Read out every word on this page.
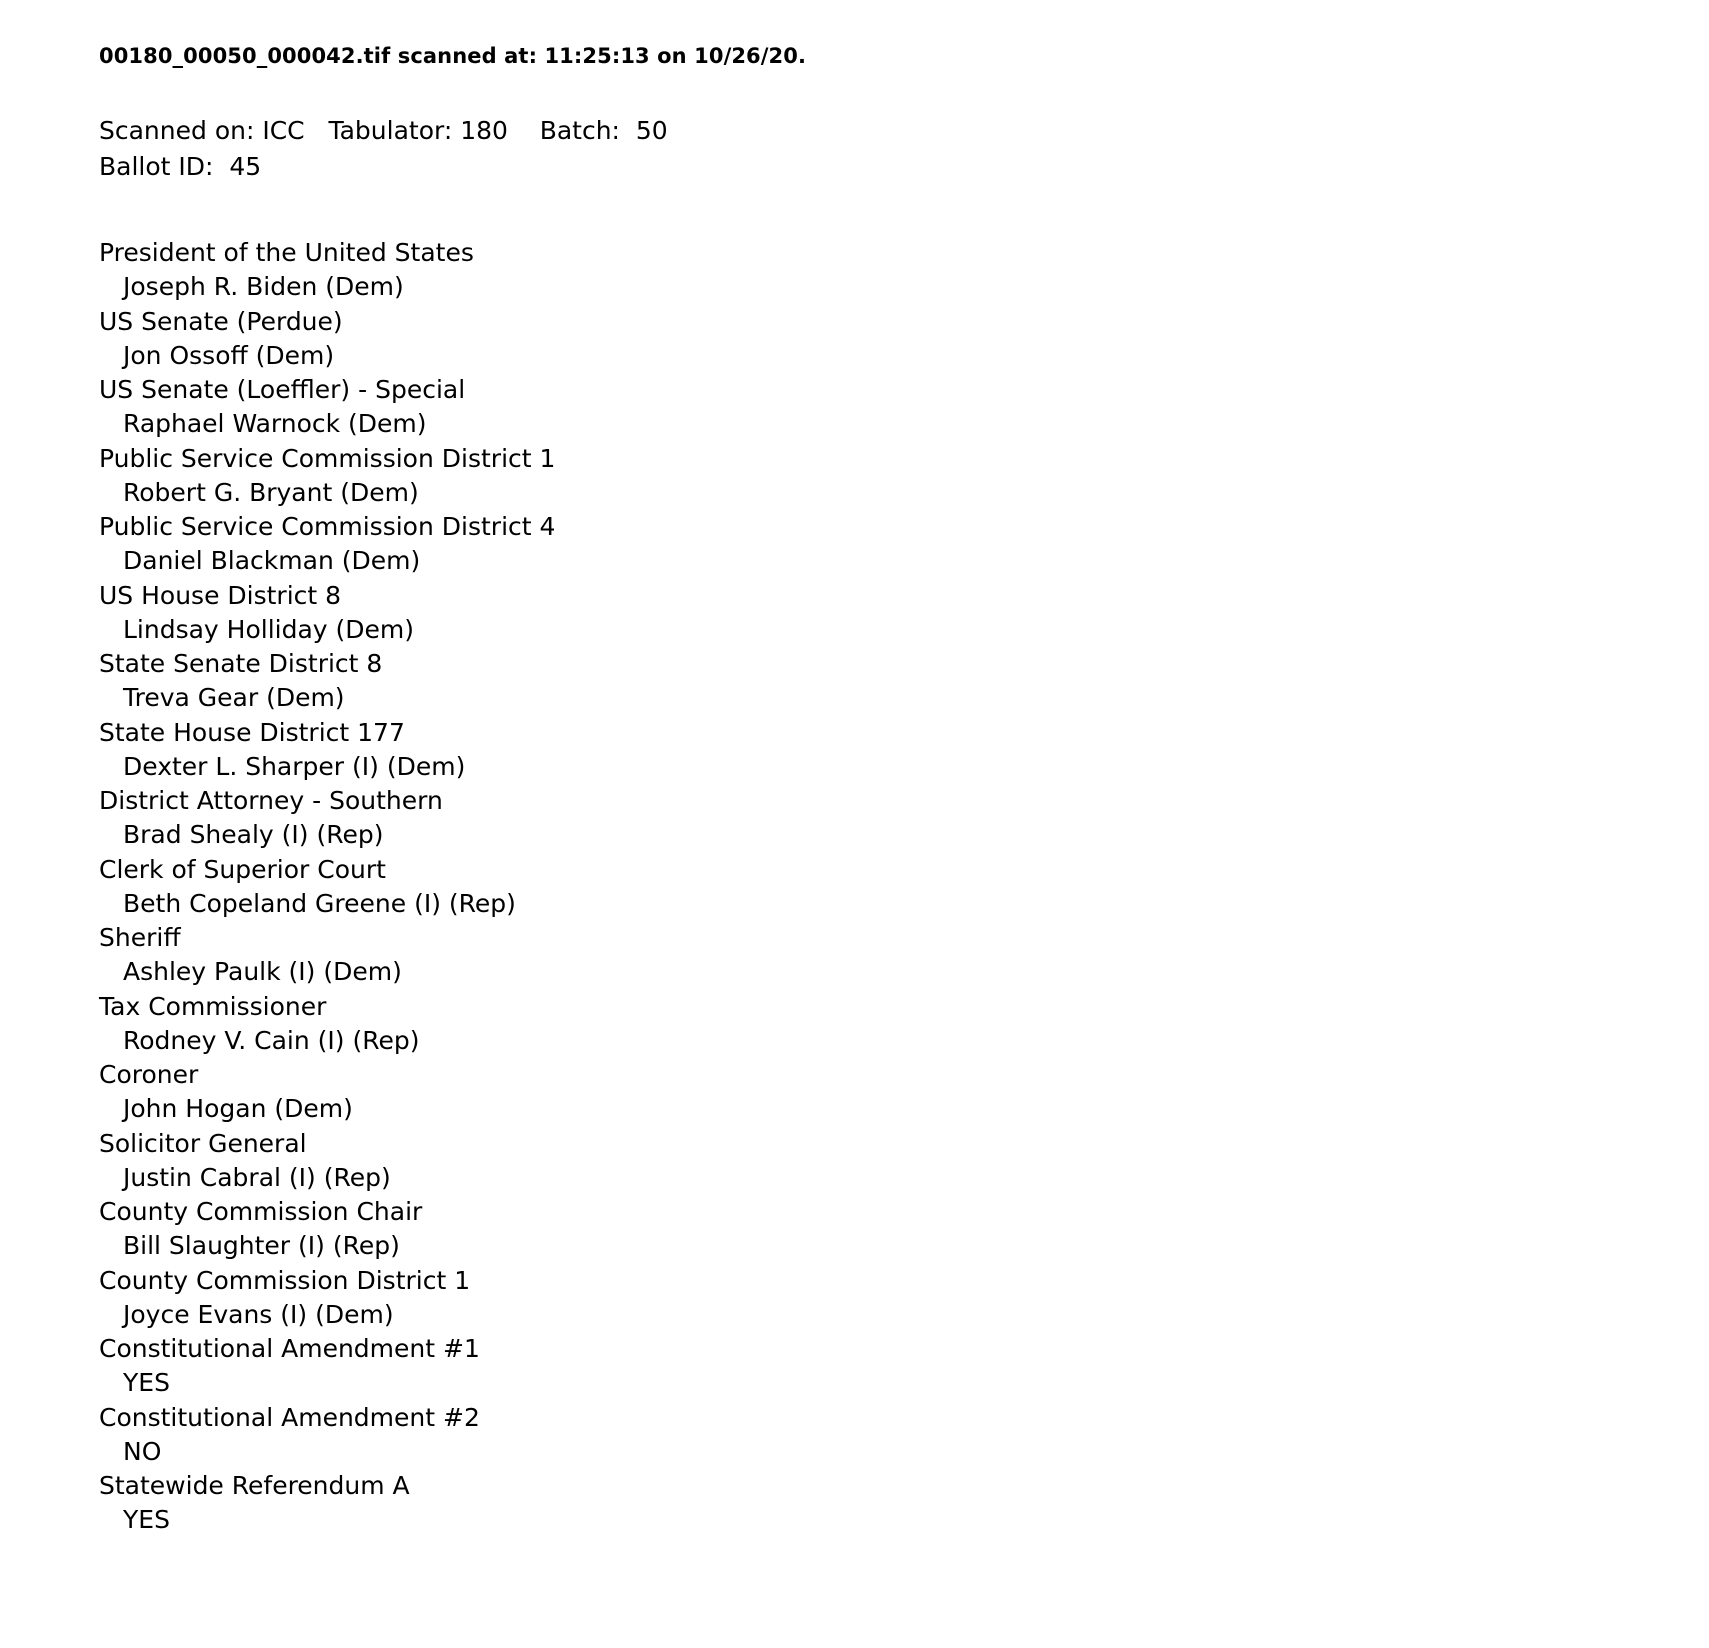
00180_00050_000042.tif scanned at: 11:25:13 on 10/26/20.

Scanned on: ICC   Tabulator: 180    Batch:  50

Ballot ID:  45

President of the United States

Joseph R. Biden (Dem)

US Senate (Perdue)

Jon Ossoff (Dem)

US Senate (Loeffler) - Special

Raphael Warnock (Dem)

Public Service Commission District 1

Robert G. Bryant (Dem)

Public Service Commission District 4

Daniel Blackman (Dem)

US House District 8

Lindsay Holliday (Dem)

State Senate District 8

Treva Gear (Dem)

State House District 177

Dexter L. Sharper (I) (Dem)

District Attorney - Southern

Brad Shealy (I) (Rep)

Clerk of Superior Court

Beth Copeland Greene (I) (Rep)

Sheriff

Ashley Paulk (I) (Dem)

Tax Commissioner

Rodney V. Cain (I) (Rep)

Coroner

John Hogan (Dem)

Solicitor General

Justin Cabral (I) (Rep)

County Commission Chair

Bill Slaughter (I) (Rep)

County Commission District 1

Joyce Evans (I) (Dem)

Constitutional Amendment #1

YES

Constitutional Amendment #2

NO

Statewide Referendum A

YES
